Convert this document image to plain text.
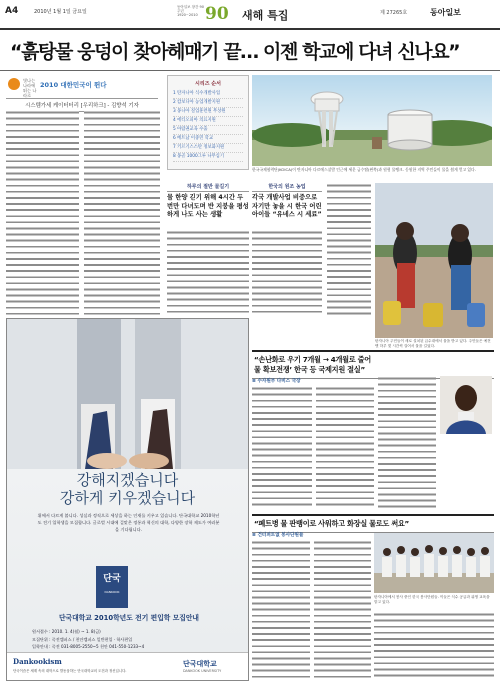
A4	2010년 1월 1일 금요일
동아일보 창간 90주년 1920~2010 90	새해 특집	제 27265호	동아일보
“흙탕물 웅덩이 찾아헤매기 끝… 이젠 학교에 다녀 신나요”
빛나는 나라에 뛰는 나라로
2010 대한민국이 뛴다
시스템가세 케이터터리 [우리하크] - 김향석 기자
시리즈 순서
1 탄자니아 식수개발사업
2 캄보디아 농업개발지원
3 몽니아 질업훈련원 무상원
4 에티오피아 의료지원
5 아랍권교육 수출
6 베트남 이중민 학교
7 키르기스스탄 정보화지원
8 몽골 1000그루 나무심기
한국국제협력단(KOICA)이 탄자니아 다르에스살람 인근에 세운 급수탑(왼쪽)과 원형 물탱크. 동원한 지역 주민들이 물을 쉽게 얻고 있다.
하루의 절반 물길기
물 한양 긷기 위해 4시간 두번만 다녀도며 반 지붕을 평성하게 나도 사는 생활
한국의 원조 농업
각국 개발사업 비중으로 자기만 놓을 시 한국 어린 아이들 “유네스 시 세료”
강해지겠습니다
강하게 키우겠습니다
위에서 다르게 봅니다. 성실과 정직으로 세상을 하는 인재를 키우고 있습니다. 단국대학교 2010학년도 전기 입학생을 모집합니다. 글로벌 시대에 걸맞은 정통과 혁신의 대학, 다양한 장학 제도가 여러분을 기다립니다.
단국
DANKOOK
단국대학교 2010학년도 전기 편입학 모집안내
원서접수 : 2010. 1. 4(월) ~ 1. 8(금)
모집단위 : 죽전캠퍼스 / 천안캠퍼스 일반편입 · 학사편입
입학안내 : 죽전 031-8005-2550~5 천안 041-550-1233~4
Dankookism
단국이즘은 세계 속의 대학으로 발돋움하는 단국대학교의 도전과 정신입니다.
단국대학교
DANKOOK UNIVERSITY
탄자니아 주민들이 새로 설치된 급수대에서 물을 받고 있다. 주민들은 예전엔 하루 몇 시간씩 걸어서 물을 길었다.
“손난화로 우기 7개월 → 4개월로 줄어
물 확보전쟁’ 한국 등 국제지원 절실”
≡ 수자원부 다비스 국장
“폐트병 물 판뱅이로 사워하고 화장실 물로도 써요”
≡ 건터퍼트없 봉사단원들
탄자니아에서 봉사 중인 한국 봉사단원들. 이들은 식수 공급과 위생 교육을 맡고 있다.
